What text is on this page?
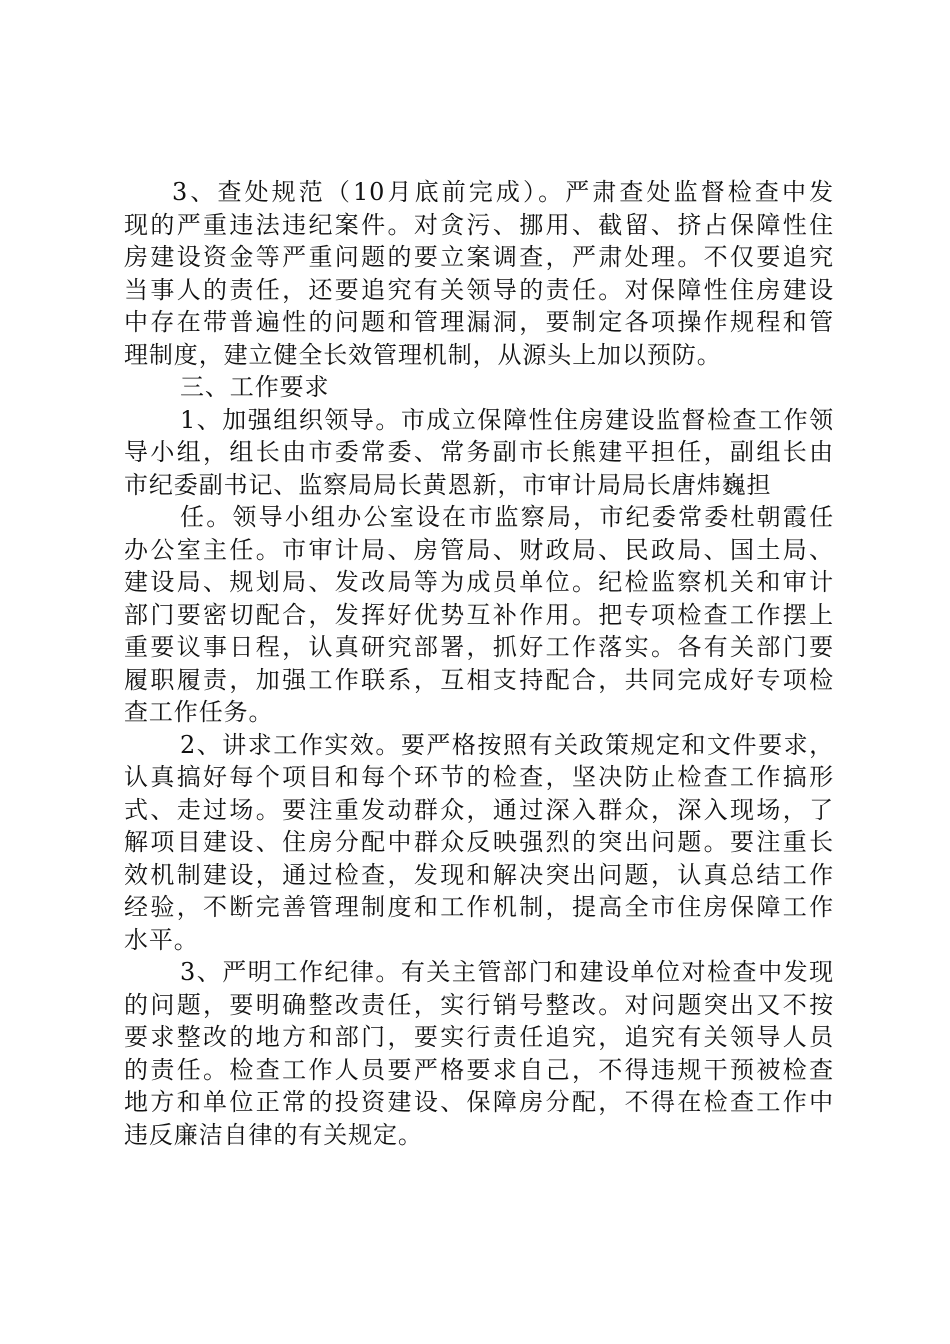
3、查处规范（10月底前完成）。严肃查处监督检查中发
现的严重违法违纪案件。对贪污、挪用、截留、挤占保障性住
房建设资金等严重问题的要立案调查，严肃处理。不仅要追究
当事人的责任，还要追究有关领导的责任。对保障性住房建设
中存在带普遍性的问题和管理漏洞，要制定各项操作规程和管
理制度，建立健全长效管理机制，从源头上加以预防。
三、工作要求
1、加强组织领导。市成立保障性住房建设监督检查工作领
导小组，组长由市委常委、常务副市长熊建平担任，副组长由
市纪委副书记、监察局局长黄恩新，市审计局局长唐炜巍担
任。领导小组办公室设在市监察局，市纪委常委杜朝霞任
办公室主任。市审计局、房管局、财政局、民政局、国土局、
建设局、规划局、发改局等为成员单位。纪检监察机关和审计
部门要密切配合，发挥好优势互补作用。把专项检查工作摆上
重要议事日程，认真研究部署，抓好工作落实。各有关部门要
履职履责，加强工作联系，互相支持配合，共同完成好专项检
查工作任务。
2、讲求工作实效。要严格按照有关政策规定和文件要求，
认真搞好每个项目和每个环节的检查，坚决防止检查工作搞形
式、走过场。要注重发动群众，通过深入群众，深入现场，了
解项目建设、住房分配中群众反映强烈的突出问题。要注重长
效机制建设，通过检查，发现和解决突出问题，认真总结工作
经验，不断完善管理制度和工作机制，提高全市住房保障工作
水平。
3、严明工作纪律。有关主管部门和建设单位对检查中发现
的问题，要明确整改责任，实行销号整改。对问题突出又不按
要求整改的地方和部门，要实行责任追究，追究有关领导人员
的责任。检查工作人员要严格要求自己，不得违规干预被检查
地方和单位正常的投资建设、保障房分配，不得在检查工作中
违反廉洁自律的有关规定。
